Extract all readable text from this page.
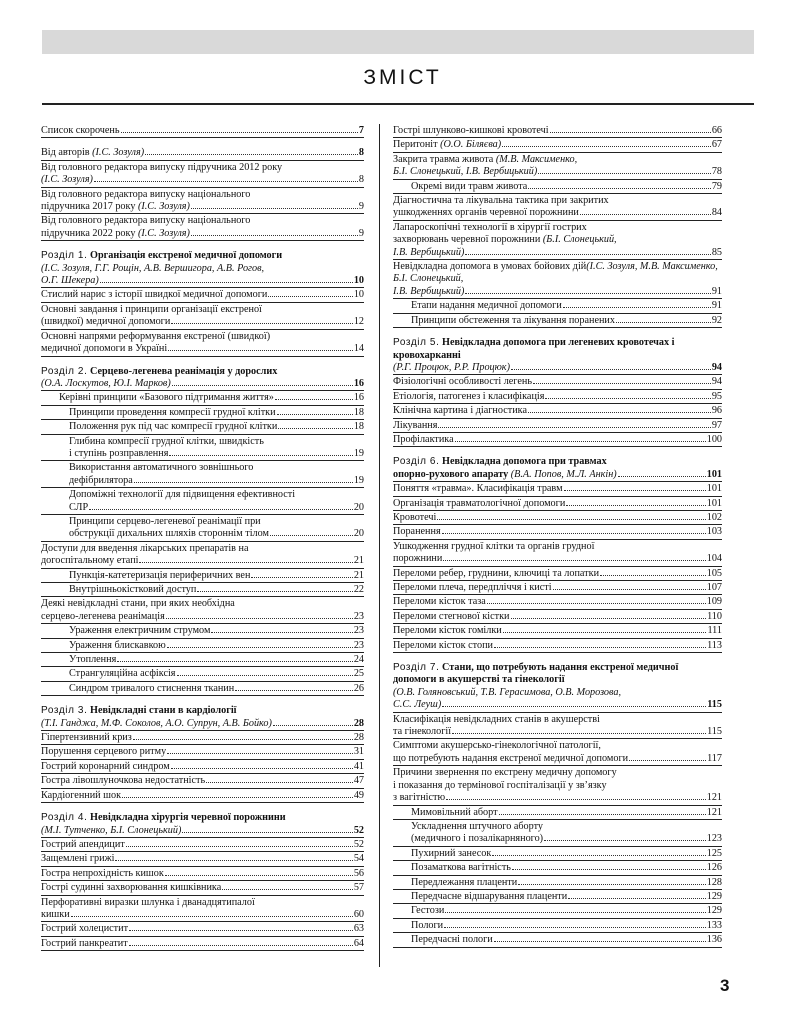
ЗМІСТ
Список скорочень	7
Від авторів (І.С. Зозуля)	8
Від головного редактора випуску підручника 2012 року
(І.С. Зозуля)	8
Від головного редактора випуску національного
підручника 2017 року (І.С. Зозуля)	9
Від головного редактора випуску національного
підручника 2022 року (І.С. Зозуля)	9
Розділ 1. Організація екстреної медичної допомоги
(І.С. Зозуля, Г.Г. Рощін, А.В. Вершигора, А.В. Рогов,
О.Г. Шекера)	10
Стислий нарис з історії швидкої медичної допомоги	10
Основні завдання і принципи організації екстреної
(швидкої) медичної допомоги	12
Основні напрями реформування екстреної (швидкої)
медичної допомоги в Україні	14
Розділ 2. Серцево-легенева реанімація у дорослих
(О.А. Лоскутов, Ю.І. Марков)	16
Керівні принципи «Базового підтримання життя»	16
Принципи проведення компресії грудної клітки	18
Положення рук під час компресії грудної клітки	18
Глибина компресії грудної клітки, швидкість
і ступінь розправлення	19
Використання автоматичного зовнішнього
дефібрилятора	19
Допоміжні технології для підвищення ефективності
СЛР	20
Принципи серцево-легеневої реанімації при
обструкції дихальних шляхів стороннім тілом	20
Доступи для введення лікарських препаратів на
догоспітальному етапі	21
Пункція-катетеризація периферичних вен	21
Внутрішньокістковий доступ	22
Деякі невідкладні стани, при яких необхідна
серцево-легенева реанімація	23
Ураження електричним струмом	23
Ураження блискавкою	23
Утоплення	24
Странгуляційна асфіксія	25
Синдром тривалого стиснення тканин	26
Розділ 3. Невідкладні стани в кардіології
(Т.І. Ганджа, М.Ф. Соколов, А.О. Супрун, А.В. Бойко)	28
Гіпертензивний криз	28
Порушення серцевого ритму	31
Гострий коронарний синдром	41
Гостра лівошлуночкова недостатність	47
Кардіогенний шок	49
Розділ 4. Невідкладна хірургія черевної порожнини
(М.І. Тутченко, Б.І. Слонецький)	52
Гострий апендицит	52
Защемлені грижі	54
Гостра непрохідність кишок	56
Гострі судинні захворювання кишківника	57
Перфоративні виразки шлунка і дванадцятипалої
кишки	60
Гострий холецистит	63
Гострий панкреатит	64
Гострі шлунково-кишкові кровотечі	66
Перитоніт (О.О. Біляєва)	67
Закрита травма живота (М.В. Максименко,
Б.І. Слонецький, І.В. Вербицький)	78
Окремі види травм живота	79
Діагностична та лікувальна тактика при закритих
ушкодженнях органів черевної порожнини	84
Лапароскопічні технології в хірургії гострих
захворювань черевної порожнини (Б.І. Слонецький,
І.В. Вербицький)	85
Невідкладна допомога в умовах бойових дій(І.С. Зозуля, М.В. Максименко, Б.І. Слонецький,
І.В. Вербицький)	91
Етапи надання медичної допомоги	91
Принципи обстеження та лікування поранених	92
Розділ 5. Невідкладна допомога при легеневих кровотечах і кровохарканні
(Р.Г. Процюк, Р.Р. Процюк)	94
Фізіологічні особливості легень	94
Етіологія, патогенез і класифікація	95
Клінічна картина і діагностика	96
Лікування	97
Профілактика	100
Розділ 6. Невідкладна допомога при травмах
опорно-рухового апарату (В.А. Попов, М.Л. Анкін)	101
Поняття «травма». Класифікація травм	101
Організація травматологічної допомоги	101
Кровотечі	102
Поранення	103
Ушкодження грудної клітки та органів грудної
порожнини	104
Переломи ребер, груднини, ключиці та лопатки	105
Переломи плеча, передпліччя і кисті	107
Переломи кісток таза	109
Переломи стегнової кістки	110
Переломи кісток гомілки	111
Переломи кісток стопи	113
Розділ 7. Стани, що потребують надання екстреної медичної допомоги в акушерстві та гінекології
(О.В. Голяновський, Т.В. Герасимова, О.В. Морозова,
С.С. Леуш)	115
Класифікація невідкладних станів в акушерстві
та гінекології	115
Симптоми акушерсько-гінекологічної патології,
що потребують надання екстреної медичної допомоги	117
Причини звернення по екстрену медичну допомогу
і показання до термінової госпіталізації у зв’язку
з вагітністю	121
Мимовільний аборт	121
Ускладнення штучного аборту
(медичного і позалікарняного)	123
Пухирний занесок	125
Позаматкова вагітність	126
Передлежання плаценти	128
Передчасне відшарування плаценти	129
Гестози	129
Пологи	133
Передчасні пологи	136
3
